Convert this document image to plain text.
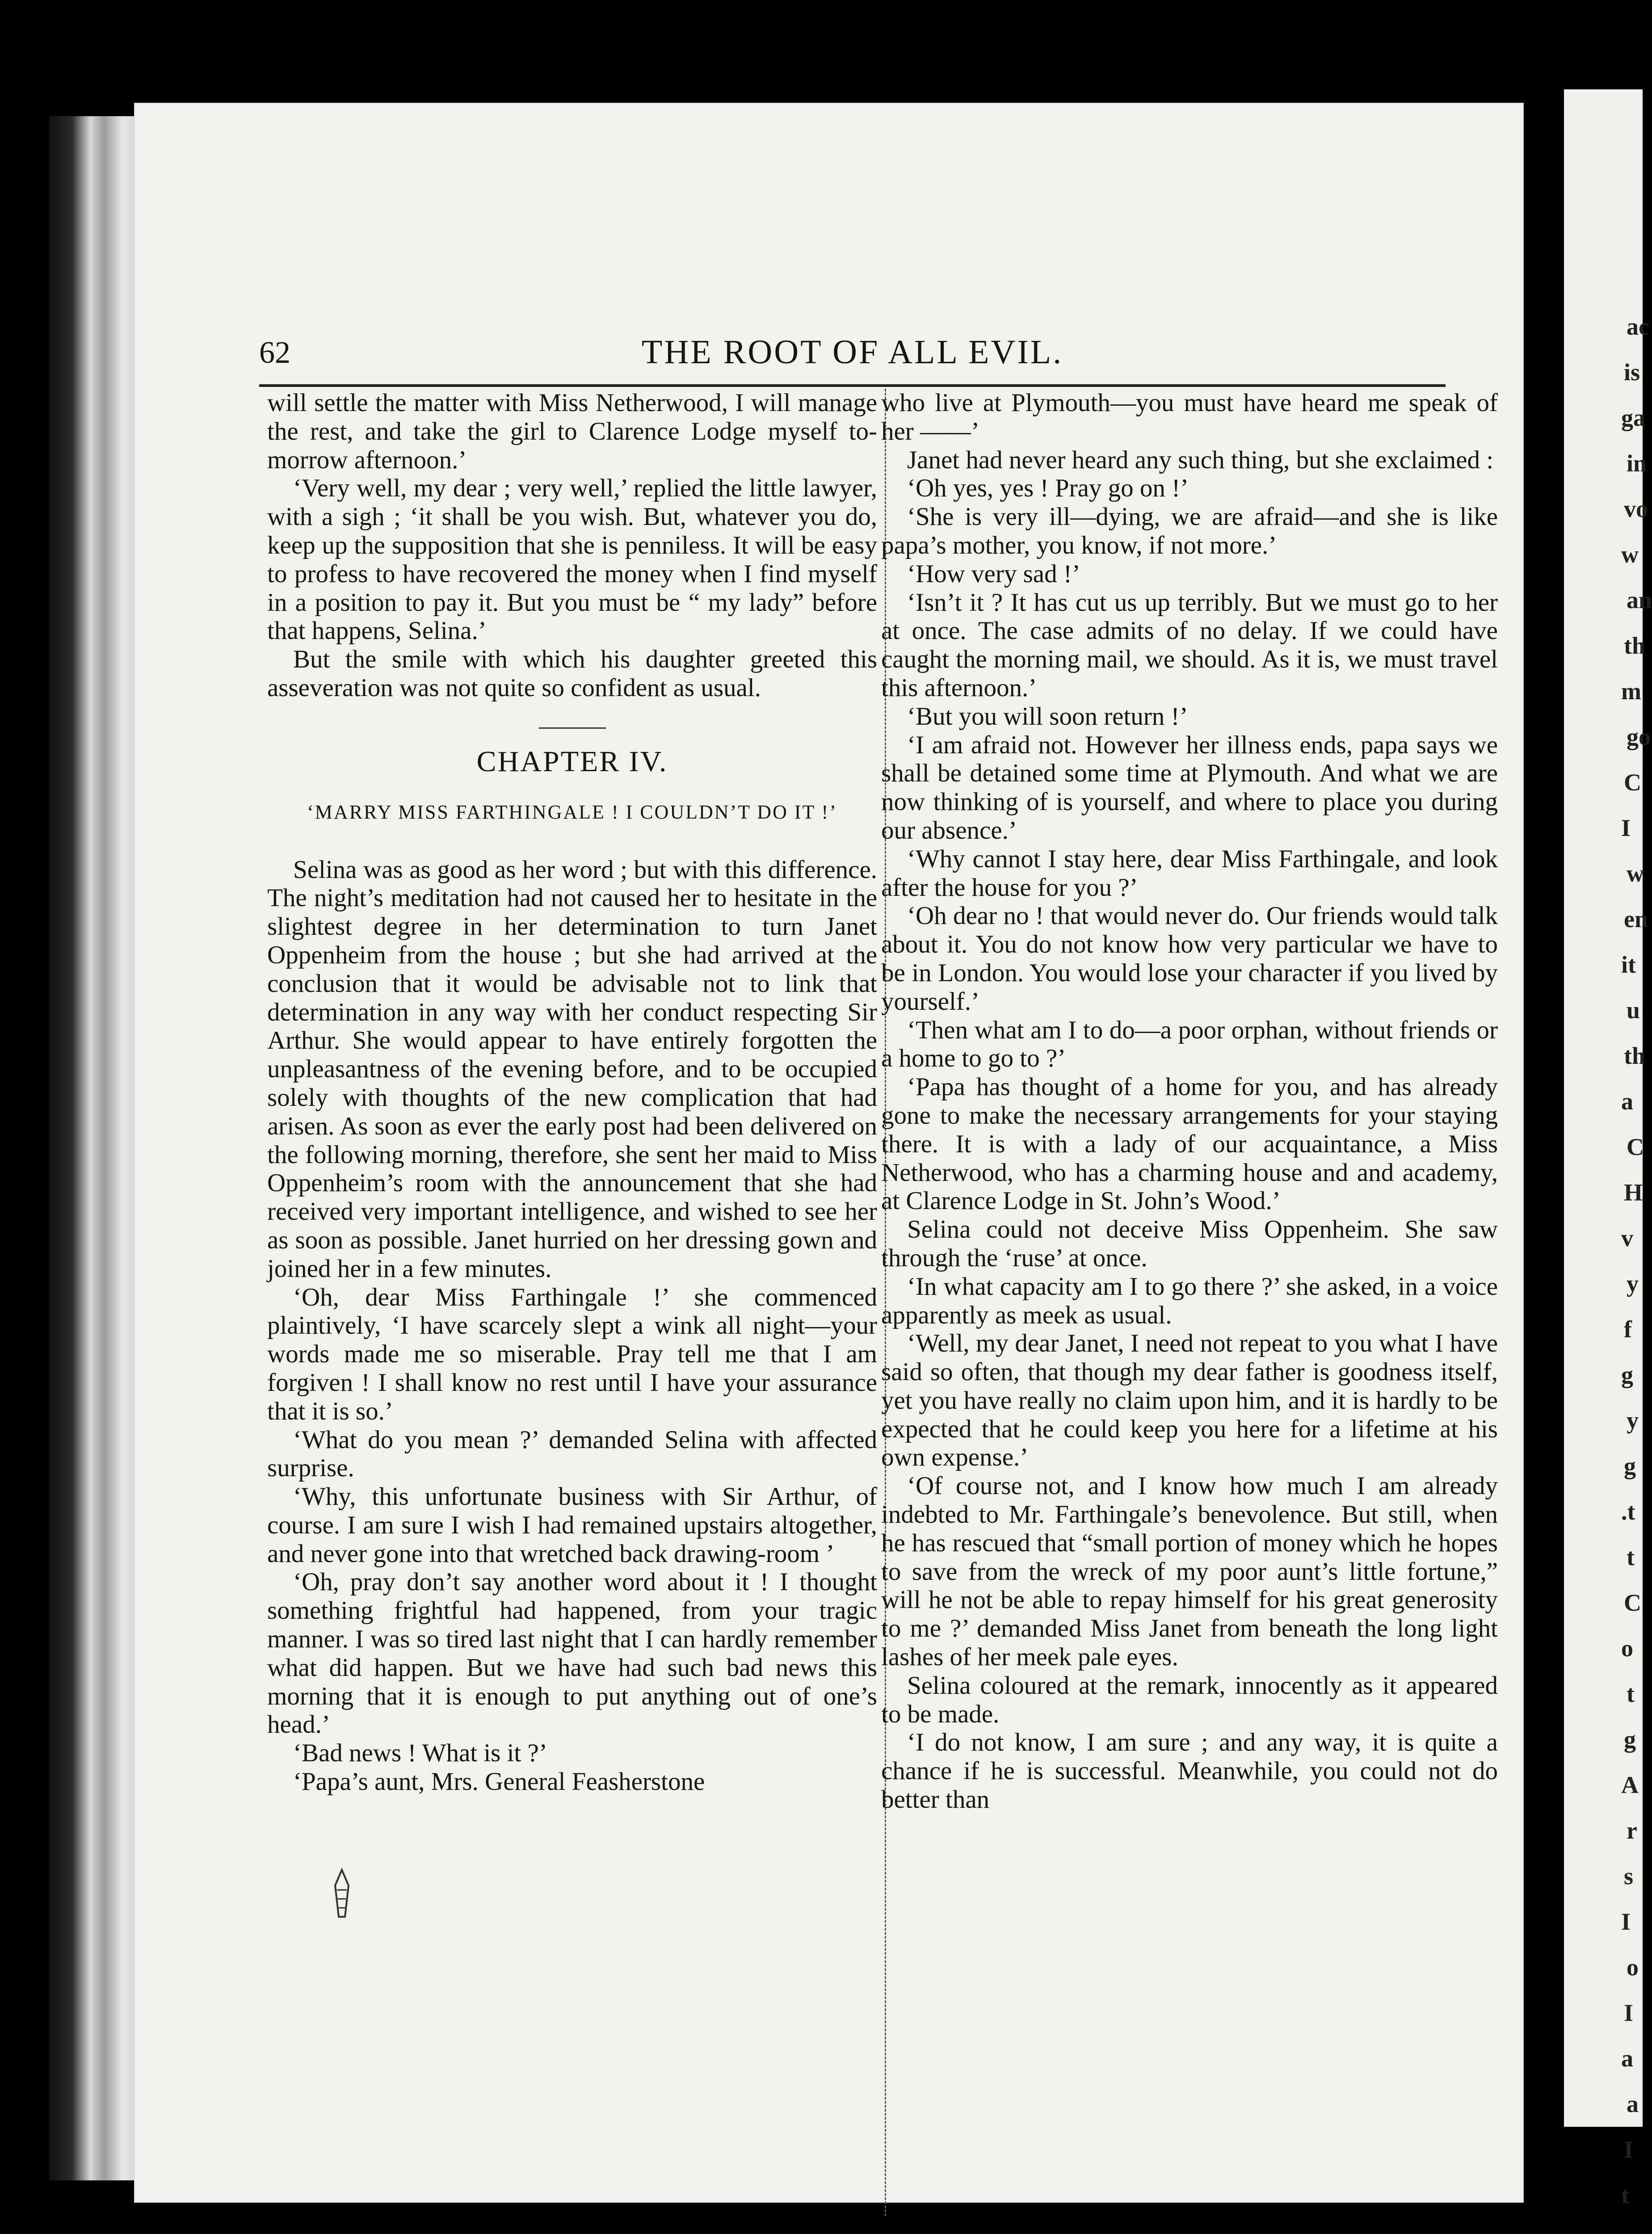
ac
is
ga
in
vo
w
an
th
m
go
C
I
w
en
it
u
th
a
C
H
v
y
f
g
y
g
.t
t
C
o
t
g
A
r
s
I
o
I
a
a
I
t
62	THE ROOT OF ALL EVIL.

will settle the matter with Miss Netherwood, I will manage the rest, and take the girl to Clarence Lodge myself to-morrow afternoon.’

‘Very well, my dear ; very well,’ replied the little lawyer, with a sigh ; ‘it shall be you wish. But, whatever you do, keep up the supposition that she is penniless. It will be easy to profess to have recovered the money when I find myself in a position to pay it. But you must be “ my lady” before that happens, Selina.’

But the smile with which his daughter greeted this asseveration was not quite so confident as usual.

CHAPTER IV.
‘MARRY MISS FARTHINGALE ! I COULDN’T DO IT !’

Selina was as good as her word ; but with this difference. The night’s meditation had not caused her to hesitate in the slightest degree in her determination to turn Janet Oppenheim from the house ; but she had arrived at the conclusion that it would be advisable not to link that determination in any way with her conduct respecting Sir Arthur. She would appear to have entirely forgotten the unpleasantness of the evening before, and to be occupied solely with thoughts of the new complication that had arisen. As soon as ever the early post had been delivered on the following morning, therefore, she sent her maid to Miss Oppenheim’s room with the announcement that she had received very important intelligence, and wished to see her as soon as possible. Janet hurried on her dressing gown and joined her in a few minutes.

‘Oh, dear Miss Farthingale !’ she commenced plaintively, ‘I have scarcely slept a wink all night—your words made me so miserable. Pray tell me that I am forgiven ! I shall know no rest until I have your assurance that it is so.’

‘What do you mean ?’ demanded Selina with affected surprise.

‘Why, this unfortunate business with Sir Arthur, of course. I am sure I wish I had remained upstairs altogether, and never gone into that wretched back drawing-room ’

‘Oh, pray don’t say another word about it ! I thought something frightful had happened, from your tragic manner. I was so tired last night that I can hardly remember what did happen. But we have had such bad news this morning that it is enough to put anything out of one’s head.’

‘Bad news ! What is it ?’

‘Papa’s aunt, Mrs. General Feasherstone

who live at Plymouth—you must have heard me speak of her ——’

Janet had never heard any such thing, but she exclaimed :

‘Oh yes, yes ! Pray go on !’

‘She is very ill—dying, we are afraid—and she is like papa’s mother, you know, if not more.’

‘How very sad !’

‘Isn’t it ? It has cut us up terribly. But we must go to her at once. The case admits of no delay. If we could have caught the morning mail, we should. As it is, we must travel this afternoon.’

‘But you will soon return !’

‘I am afraid not. However her illness ends, papa says we shall be detained some time at Plymouth. And what we are now thinking of is yourself, and where to place you during our absence.’

‘Why cannot I stay here, dear Miss Farthingale, and look after the house for you ?’

‘Oh dear no ! that would never do. Our friends would talk about it. You do not know how very particular we have to be in London. You would lose your character if you lived by yourself.’

‘Then what am I to do—a poor orphan, without friends or a home to go to ?’

‘Papa has thought of a home for you, and has already gone to make the necessary arrangements for your staying there. It is with a lady of our acquaintance, a Miss Netherwood, who has a charming house and and academy, at Clarence Lodge in St. John’s Wood.’

Selina could not deceive Miss Oppenheim. She saw through the ‘ruse’ at once.

‘In what capacity am I to go there ?’ she asked, in a voice apparently as meek as usual.

‘Well, my dear Janet, I need not repeat to you what I have said so often, that though my dear father is goodness itself, yet you have really no claim upon him, and it is hardly to be expected that he could keep you here for a lifetime at his own expense.’

‘Of course not, and I know how much I am already indebted to Mr. Farthingale’s benevolence. But still, when he has rescued that “small portion of money which he hopes to save from the wreck of my poor aunt’s little fortune,” will he not be able to repay himself for his great generosity to me ?’ demanded Miss Janet from beneath the long light lashes of her meek pale eyes.

Selina coloured at the remark, innocently as it appeared to be made.

‘I do not know, I am sure ; and any way, it is quite a chance if he is successful. Meanwhile, you could not do better than
